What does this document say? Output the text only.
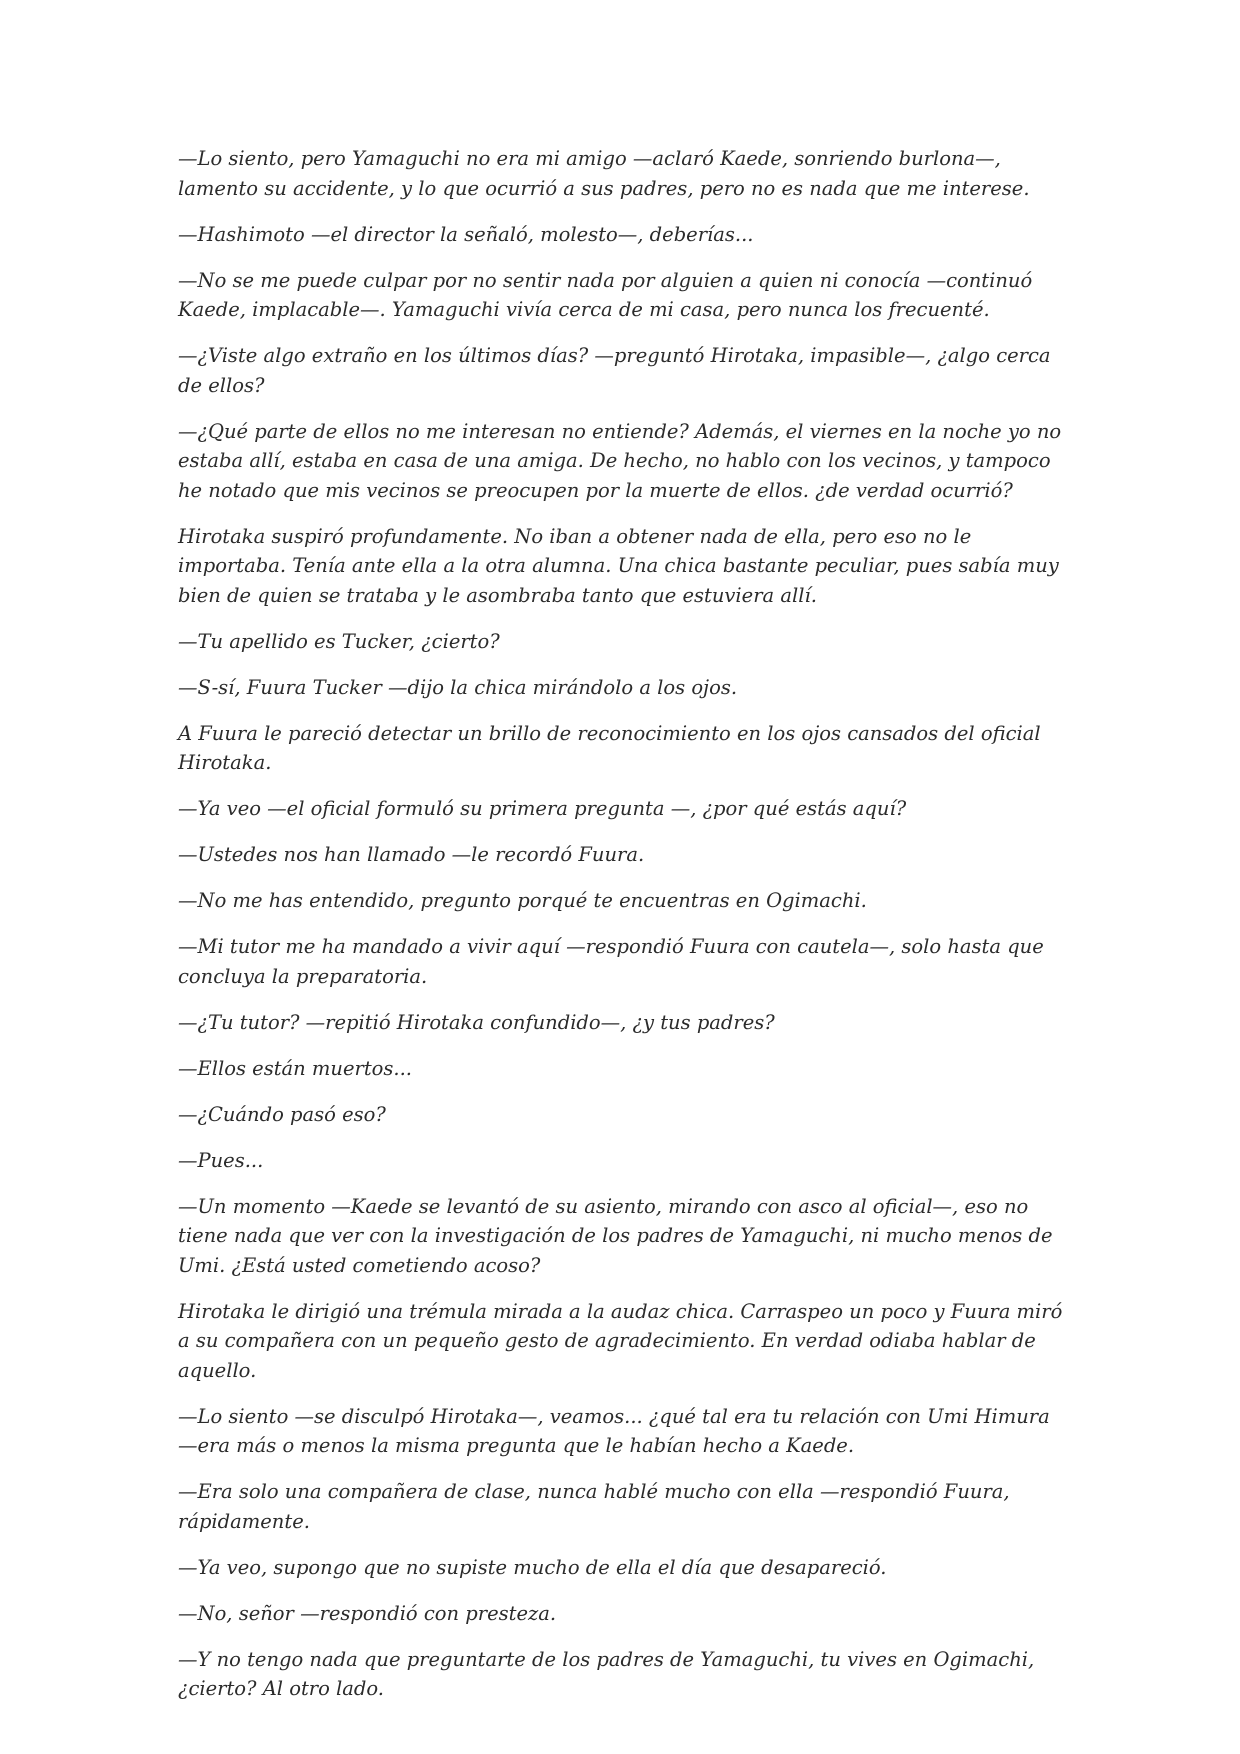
—Lo siento, pero Yamaguchi no era mi amigo —aclaró Kaede, sonriendo burlona—, lamento su accidente, y lo que ocurrió a sus padres, pero no es nada que me interese.

—Hashimoto —el director la señaló, molesto—, deberías...

—No se me puede culpar por no sentir nada por alguien a quien ni conocía —continuó Kaede, implacable—. Yamaguchi vivía cerca de mi casa, pero nunca los frecuenté.

—¿Viste algo extraño en los últimos días? —preguntó Hirotaka, impasible—, ¿algo cerca de ellos?

—¿Qué parte de ellos no me interesan no entiende? Además, el viernes en la noche yo no estaba allí, estaba en casa de una amiga. De hecho, no hablo con los vecinos, y tampoco he notado que mis vecinos se preocupen por la muerte de ellos. ¿de verdad ocurrió?

Hirotaka suspiró profundamente. No iban a obtener nada de ella, pero eso no le importaba. Tenía ante ella a la otra alumna. Una chica bastante peculiar, pues sabía muy bien de quien se trataba y le asombraba tanto que estuviera allí.

—Tu apellido es Tucker, ¿cierto?

—S-sí, Fuura Tucker —dijo la chica mirándolo a los ojos.

A Fuura le pareció detectar un brillo de reconocimiento en los ojos cansados del oficial Hirotaka.

—Ya veo —el oficial formuló su primera pregunta —, ¿por qué estás aquí?

—Ustedes nos han llamado —le recordó Fuura.

—No me has entendido, pregunto porqué te encuentras en Ogimachi.

—Mi tutor me ha mandado a vivir aquí —respondió Fuura con cautela—, solo hasta que concluya la preparatoria.

—¿Tu tutor? —repitió Hirotaka confundido—, ¿y tus padres?

—Ellos están muertos...

—¿Cuándo pasó eso?

—Pues...

—Un momento —Kaede se levantó de su asiento, mirando con asco al oficial—, eso no tiene nada que ver con la investigación de los padres de Yamaguchi, ni mucho menos de Umi. ¿Está usted cometiendo acoso?

Hirotaka le dirigió una trémula mirada a la audaz chica. Carraspeo un poco y Fuura miró a su compañera con un pequeño gesto de agradecimiento. En verdad odiaba hablar de aquello.

—Lo siento —se disculpó Hirotaka—, veamos... ¿qué tal era tu relación con Umi Himura —era más o menos la misma pregunta que le habían hecho a Kaede.

—Era solo una compañera de clase, nunca hablé mucho con ella —respondió Fuura, rápidamente.

—Ya veo, supongo que no supiste mucho de ella el día que desapareció.

—No, señor —respondió con presteza.

—Y no tengo nada que preguntarte de los padres de Yamaguchi, tu vives en Ogimachi, ¿cierto? Al otro lado.
